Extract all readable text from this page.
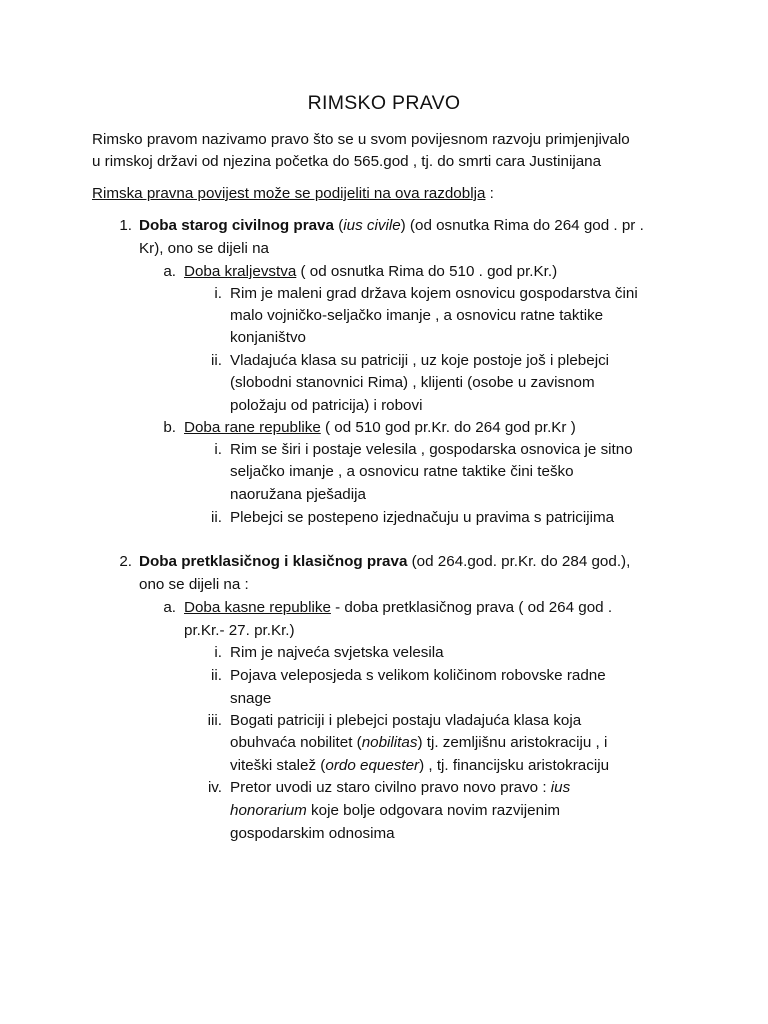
RIMSKO PRAVO
Rimsko pravom nazivamo pravo što se u svom povijesnom razvoju primjenjivalo
u rimskoj državi od njezina početka do 565.god , tj. do smrti cara Justinijana
Rimska pravna povijest može se podijeliti na ova razdoblja :
1. Doba starog civilnog prava (ius civile) (od osnutka Rima do 264 god . pr .
Kr), ono se dijeli na
a. Doba kraljevstva ( od osnutka Rima do 510 . god pr.Kr.)
i. Rim je maleni grad država kojem osnovicu gospodarstva čini
malo vojničko-seljačko imanje , a osnovicu ratne taktike
konjaništvo
ii. Vladajuća klasa su patriciji , uz koje postoje još i plebejci
(slobodni stanovnici Rima) , klijenti (osobe u zavisnom
položaju od patricija) i robovi
b. Doba rane republike ( od 510 god pr.Kr. do 264 god pr.Kr )
i. Rim se širi i postaje velesila , gospodarska osnovica je sitno
seljačko imanje , a osnovicu ratne taktike čini teško
naoružana pješadija
ii. Plebejci se postepeno izjednačuju u pravima s patricijima
2. Doba pretklasičnog i klasičnog prava (od 264.god. pr.Kr. do 284 god.),
ono se dijeli na :
a. Doba kasne republike - doba pretklasičnog prava ( od 264 god .
pr.Kr.- 27. pr.Kr.)
i. Rim je najveća svjetska velesila
ii. Pojava veleposjeda s velikom količinom robovske radne
snage
iii. Bogati patriciji i plebejci postaju vladajuća klasa koja
obuhvaća nobilitet (nobilitas) tj. zemljišnu aristokraciju , i
viteški stalež (ordo equester) , tj. financijsku aristokraciju
iv. Pretor uvodi uz staro civilno pravo novo pravo : ius
honorarium koje bolje odgovara novim razvijenim
gospodarskim odnosima
